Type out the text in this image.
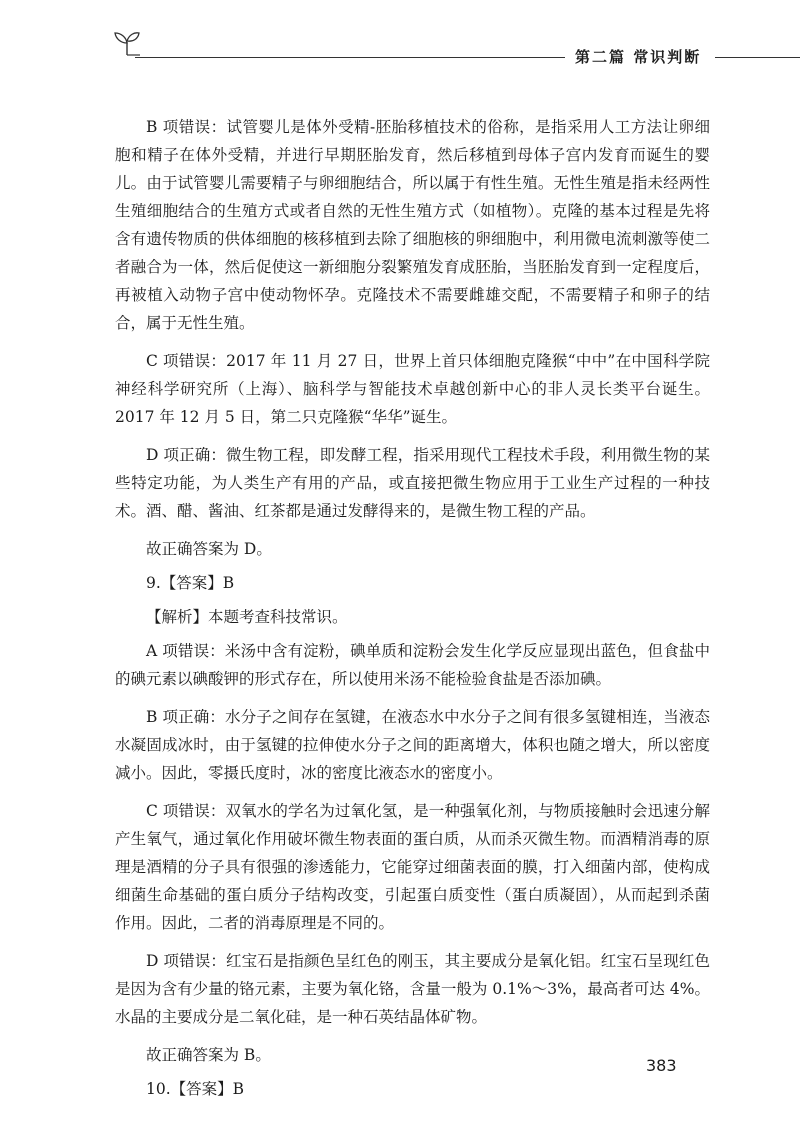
第二篇 常识判断

B 项错误：试管婴儿是体外受精-胚胎移植技术的俗称，是指采用人工方法让卵细胞和精子在体外受精，并进行早期胚胎发育，然后移植到母体子宫内发育而诞生的婴儿。由于试管婴儿需要精子与卵细胞结合，所以属于有性生殖。无性生殖是指未经两性生殖细胞结合的生殖方式或者自然的无性生殖方式（如植物）。克隆的基本过程是先将含有遗传物质的供体细胞的核移植到去除了细胞核的卵细胞中，利用微电流刺激等使二者融合为一体，然后促使这一新细胞分裂繁殖发育成胚胎，当胚胎发育到一定程度后，再被植入动物子宫中使动物怀孕。克隆技术不需要雌雄交配，不需要精子和卵子的结合，属于无性生殖。

C 项错误：2017 年 11 月 27 日，世界上首只体细胞克隆猴“中中”在中国科学院神经科学研究所（上海）、脑科学与智能技术卓越创新中心的非人灵长类平台诞生。2017 年 12 月 5 日，第二只克隆猴“华华”诞生。

D 项正确：微生物工程，即发酵工程，指采用现代工程技术手段，利用微生物的某些特定功能，为人类生产有用的产品，或直接把微生物应用于工业生产过程的一种技术。酒、醋、酱油、红茶都是通过发酵得来的，是微生物工程的产品。

故正确答案为 D。

9.【答案】B

【解析】本题考查科技常识。

A 项错误：米汤中含有淀粉，碘单质和淀粉会发生化学反应显现出蓝色，但食盐中的碘元素以碘酸钾的形式存在，所以使用米汤不能检验食盐是否添加碘。

B 项正确：水分子之间存在氢键，在液态水中水分子之间有很多氢键相连，当液态水凝固成冰时，由于氢键的拉伸使水分子之间的距离增大，体积也随之增大，所以密度减小。因此，零摄氏度时，冰的密度比液态水的密度小。

C 项错误：双氧水的学名为过氧化氢，是一种强氧化剂，与物质接触时会迅速分解产生氧气，通过氧化作用破坏微生物表面的蛋白质，从而杀灭微生物。而酒精消毒的原理是酒精的分子具有很强的渗透能力，它能穿过细菌表面的膜，打入细菌内部，使构成细菌生命基础的蛋白质分子结构改变，引起蛋白质变性（蛋白质凝固），从而起到杀菌作用。因此，二者的消毒原理是不同的。

D 项错误：红宝石是指颜色呈红色的刚玉，其主要成分是氧化铝。红宝石呈现红色是因为含有少量的铬元素，主要为氧化铬，含量一般为 0.1%～3%，最高者可达 4%。水晶的主要成分是二氧化硅，是一种石英结晶体矿物。

故正确答案为 B。

10.【答案】B

383
